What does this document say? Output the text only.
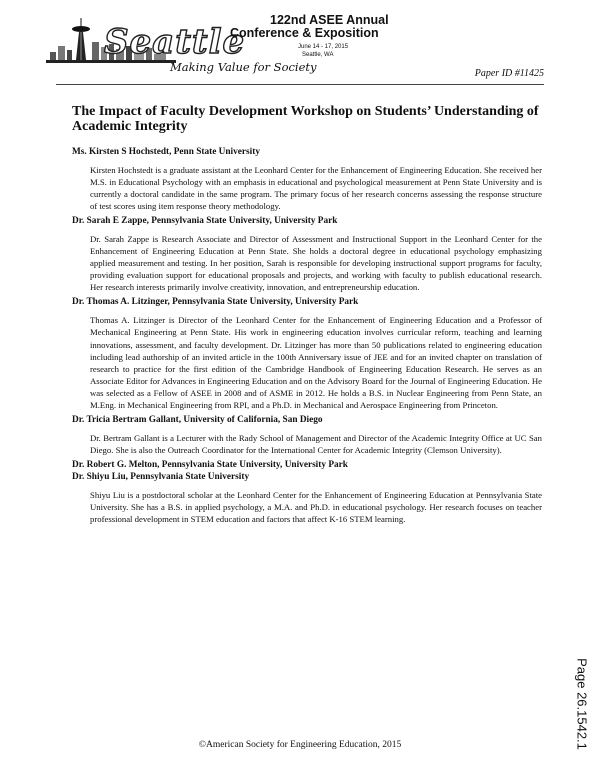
Seattle
Making Value for Society
122nd ASEE Annual
Conference & Exposition
June 14 - 17, 2015
Seattle, WA
Paper ID #11425
The Impact of Faculty Development Workshop on Students’ Understanding of Academic Integrity

Ms. Kirsten S Hochstedt, Penn State University

Kirsten Hochstedt is a graduate assistant at the Leonhard Center for the Enhancement of Engineering Education. She received her M.S. in Educational Psychology with an emphasis in educational and psychological measurement at Penn State University and is currently a doctoral candidate in the same program. The primary focus of her research concerns assessing the response structure of test scores using item response theory methodology.

Dr. Sarah E Zappe, Pennsylvania State University, University Park

Dr. Sarah Zappe is Research Associate and Director of Assessment and Instructional Support in the Leonhard Center for the Enhancement of Engineering Education at Penn State. She holds a doctoral degree in educational psychology emphasizing applied measurement and testing. In her position, Sarah is responsible for developing instructional support programs for faculty, providing evaluation support for educational proposals and projects, and working with faculty to publish educational research. Her research interests primarily involve creativity, innovation, and entrepreneurship education.

Dr. Thomas A. Litzinger, Pennsylvania State University, University Park

Thomas A. Litzinger is Director of the Leonhard Center for the Enhancement of Engineering Education and a Professor of Mechanical Engineering at Penn State. His work in engineering education involves curricular reform, teaching and learning innovations, assessment, and faculty development. Dr. Litzinger has more than 50 publications related to engineering education including lead authorship of an invited article in the 100th Anniversary issue of JEE and for an invited chapter on translation of research to practice for the first edition of the Cambridge Handbook of Engineering Education Research. He serves as an Associate Editor for Advances in Engineering Education and on the Advisory Board for the Journal of Engineering Education. He was selected as a Fellow of ASEE in 2008 and of ASME in 2012. He holds a B.S. in Nuclear Engineering from Penn State, an M.Eng. in Mechanical Engineering from RPI, and a Ph.D. in Mechanical and Aerospace Engineering from Princeton.

Dr. Tricia Bertram Gallant, University of California, San Diego

Dr. Bertram Gallant is a Lecturer with the Rady School of Management and Director of the Academic Integrity Office at UC San Diego. She is also the Outreach Coordinator for the International Center for Academic Integrity (Clemson University).

Dr. Robert G. Melton, Pennsylvania State University, University Park

Dr. Shiyu Liu, Pennsylvania State University

Shiyu Liu is a postdoctoral scholar at the Leonhard Center for the Enhancement of Engineering Education at Pennsylvania State University. She has a B.S. in applied psychology, a M.A. and Ph.D. in educational psychology. Her research focuses on teacher professional development in STEM education and factors that affect K-16 STEM learning.

Page 26.1542.1
©American Society for Engineering Education, 2015
